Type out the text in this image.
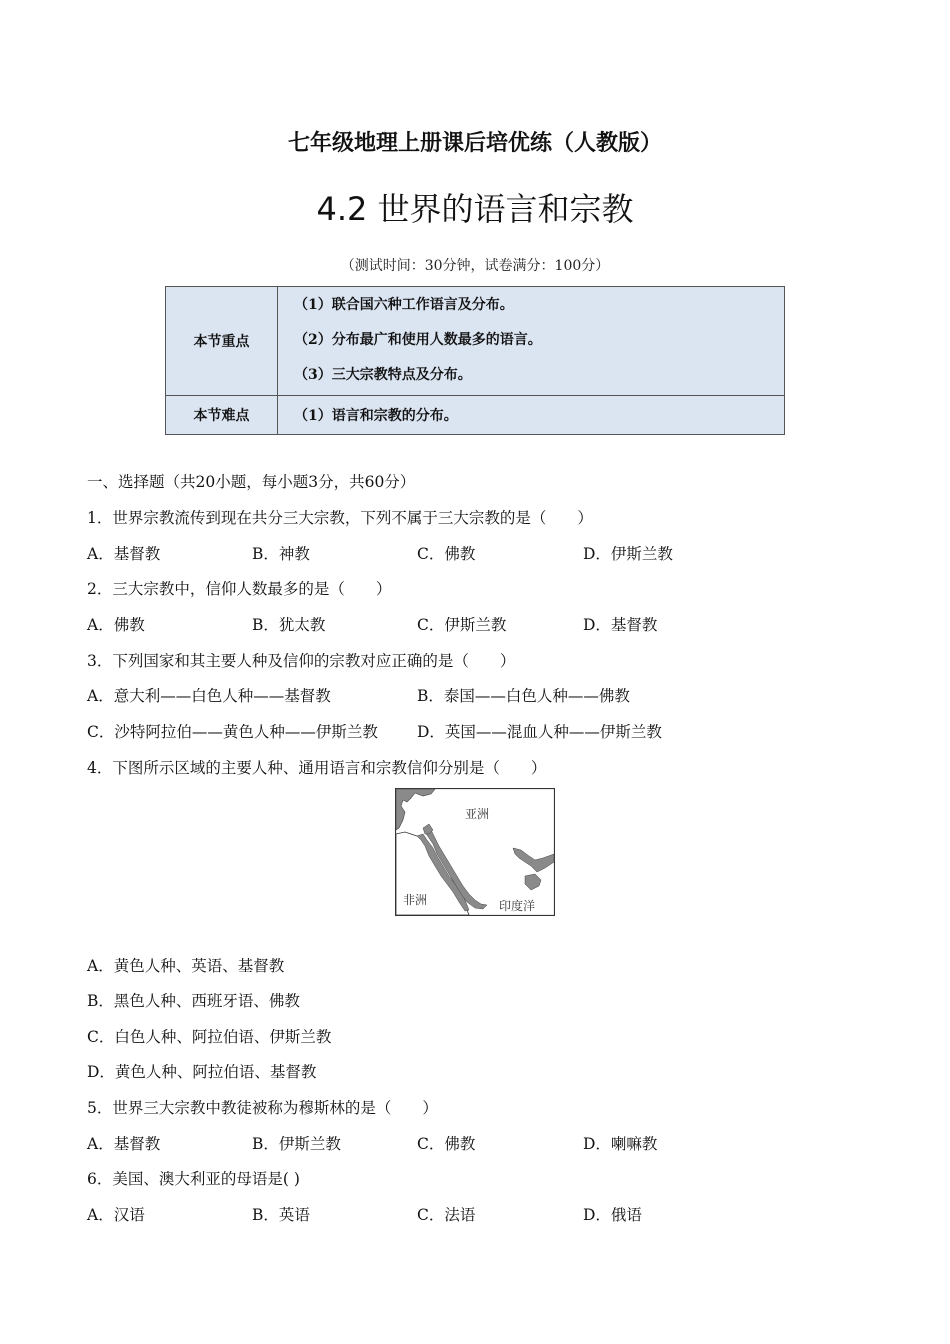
七年级地理上册课后培优练（人教版）
4.2 世界的语言和宗教
（测试时间：30分钟，试卷满分：100分）
本节重点	（1）联合国六种工作语言及分布。
（2）分布最广和使用人数最多的语言。
（3）三大宗教特点及分布。

本节难点	（1）语言和宗教的分布。
一、选择题（共20小题，每小题3分，共60分）
1．世界宗教流传到现在共分三大宗教，下列不属于三大宗教的是（　　）
A．基督教	B．神教	C．佛教	D．伊斯兰教
2．三大宗教中，信仰人数最多的是（　　）
A．佛教	B．犹太教	C．伊斯兰教	D．基督教
3．下列国家和其主要人种及信仰的宗教对应正确的是（　　）
A．意大利——白色人种——基督教	B．泰国——白色人种——佛教
C．沙特阿拉伯——黄色人种——伊斯兰教	D．英国——混血人种——伊斯兰教
4．下图所示区域的主要人种、通用语言和宗教信仰分别是（　　）
亚洲
非洲	印度洋
A．黄色人种、英语、基督教
B．黑色人种、西班牙语、佛教
C．白色人种、阿拉伯语、伊斯兰教
D．黄色人种、阿拉伯语、基督教
5．世界三大宗教中教徒被称为穆斯林的是（　　）
A．基督教	B．伊斯兰教	C．佛教	D．喇嘛教
6．美国、澳大利亚的母语是( )
A．汉语	B．英语	C．法语	D．俄语
